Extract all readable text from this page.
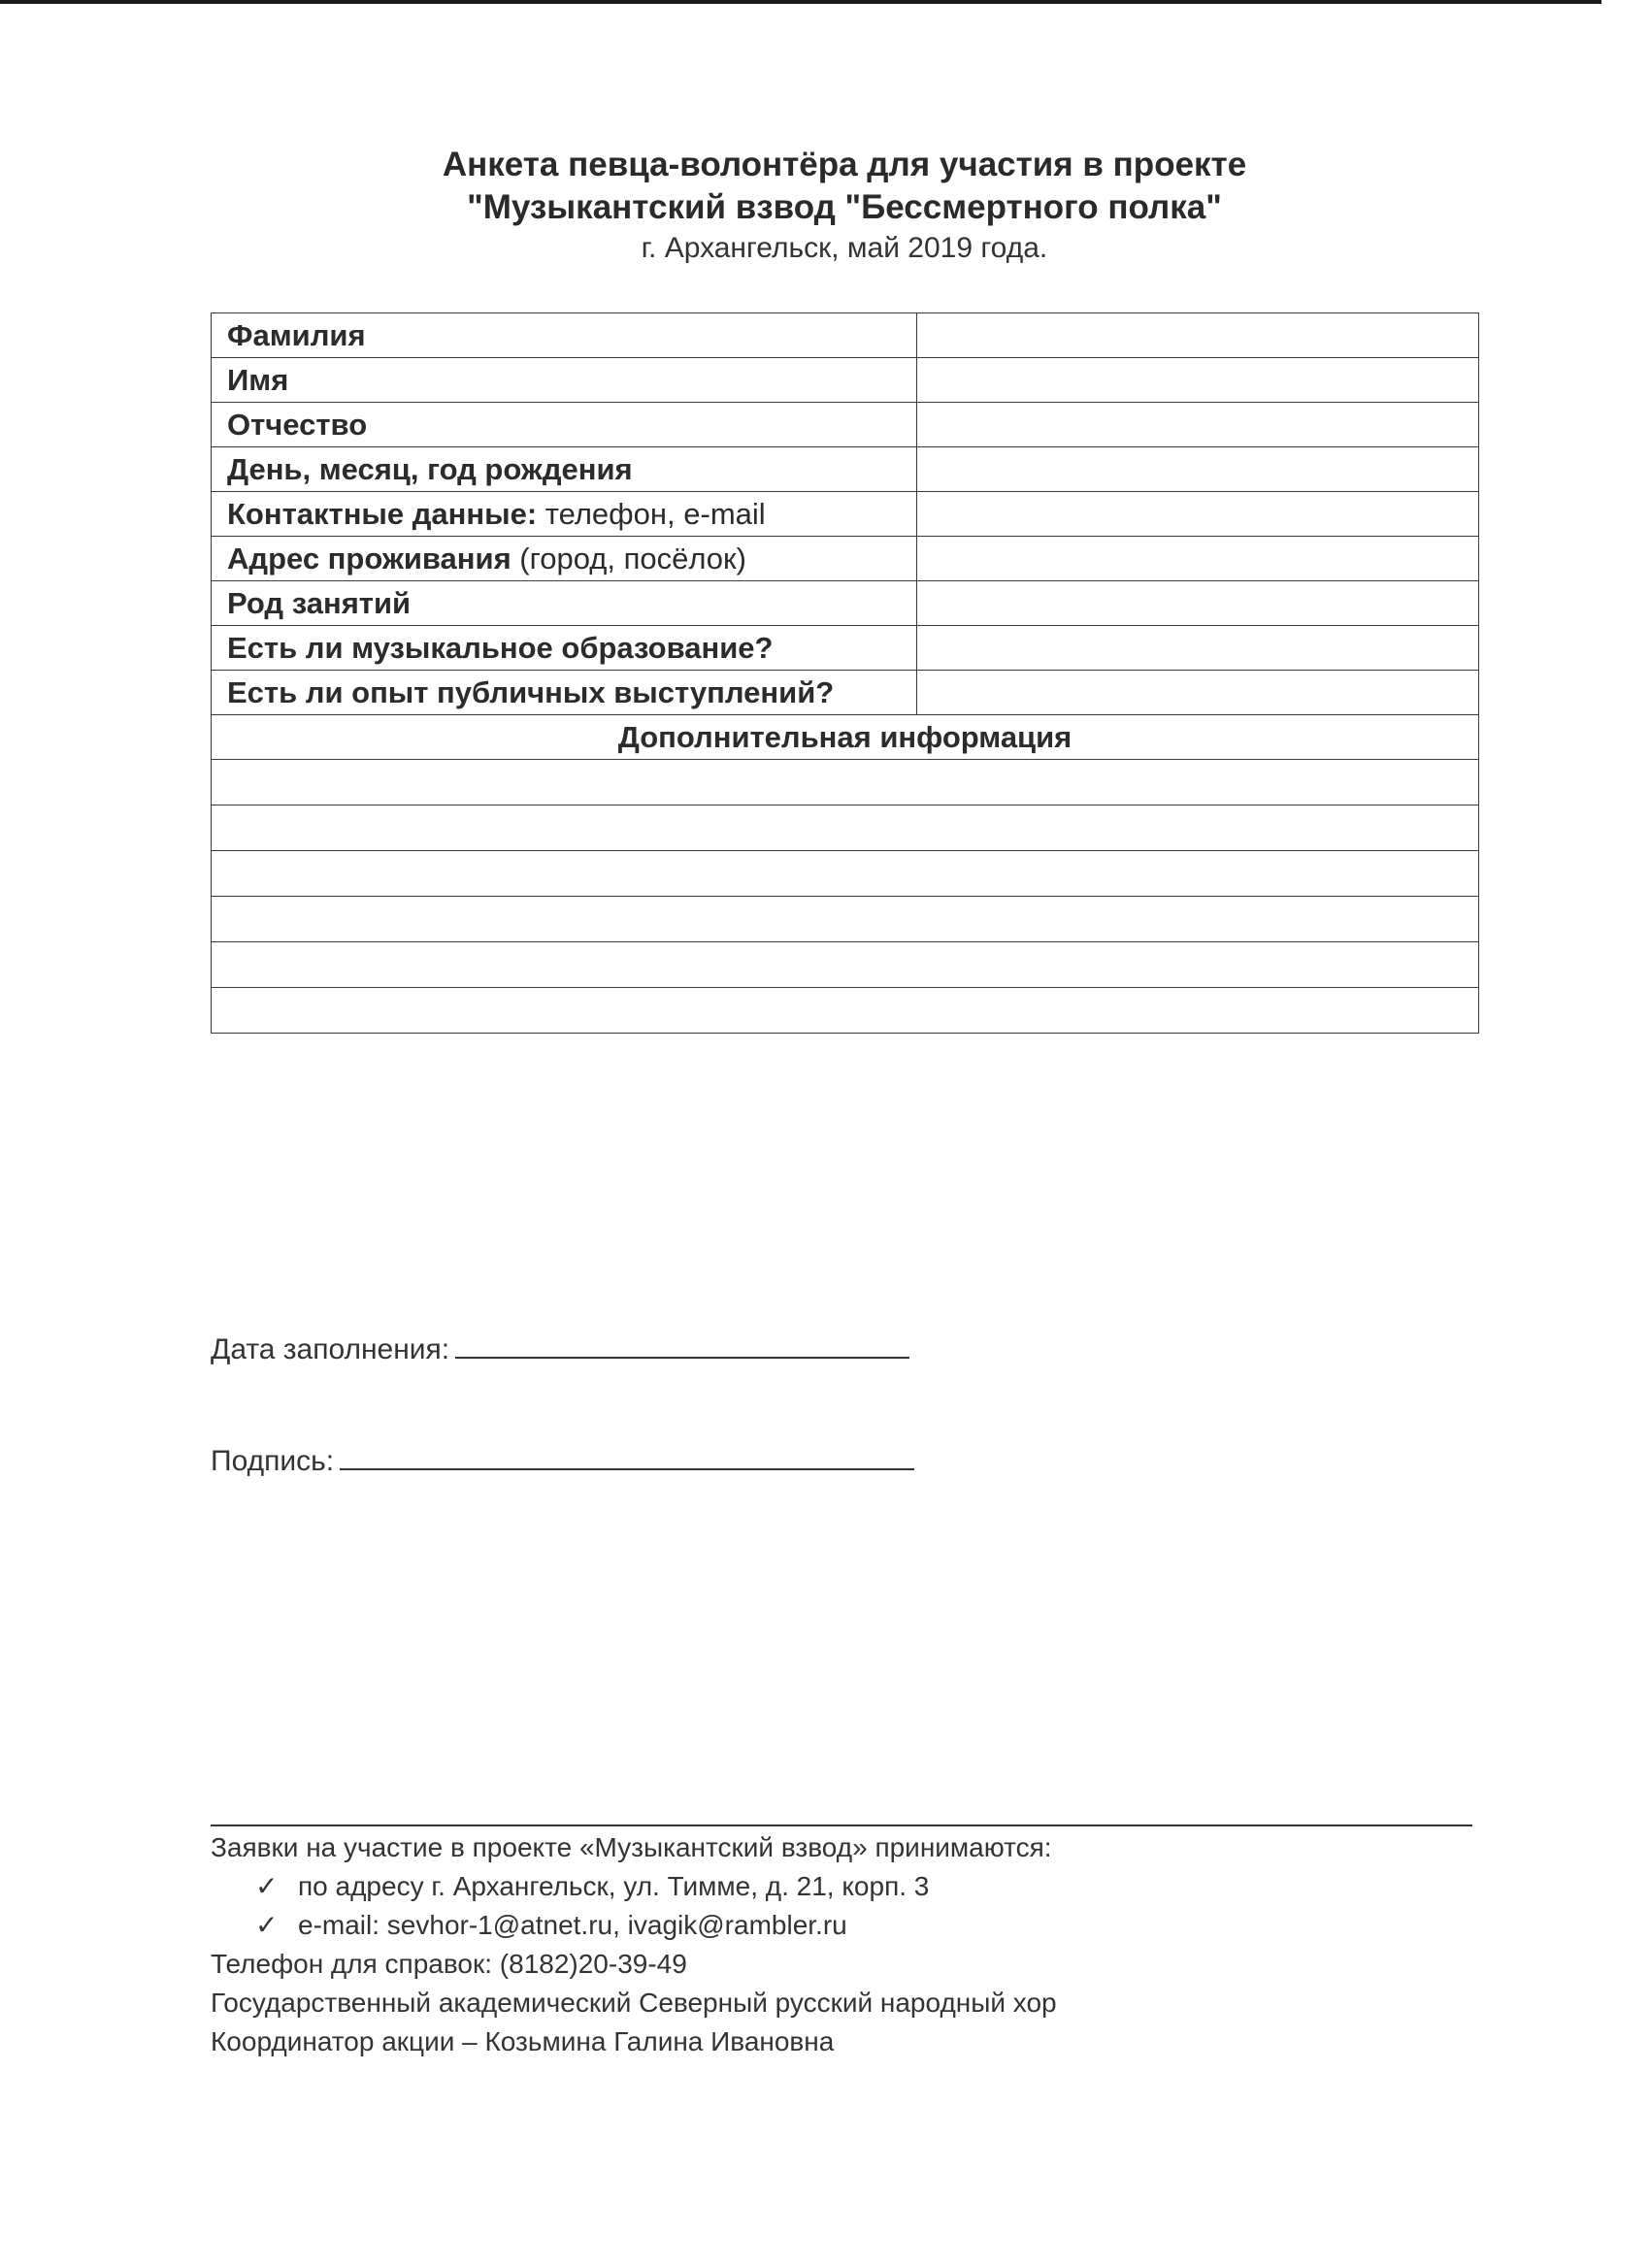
Анкета певца-волонтёра для участия в проекте
"Музыкантский взвод "Бессмертного полка"
г. Архангельск, май 2019 года.
Фамилия	
Имя	
Отчество	
День, месяц, год рождения	
Контактные данные: телефон, e-mail	
Адрес проживания (город, посёлок)	
Род занятий	
Есть ли музыкальное образование?	
Есть ли опыт публичных выступлений?	
Дополнительная информация	

Дата заполнения:
Подпись:
Заявки на участие в проекте «Музыкантский взвод» принимаются:
✓ по адресу г. Архангельск, ул. Тимме, д. 21, корп. 3
✓ e-mail: sevhor-1@atnet.ru, ivagik@rambler.ru
Телефон для справок: (8182)20-39-49
Государственный академический Северный русский народный хор
Координатор акции – Козьмина Галина Ивановна
